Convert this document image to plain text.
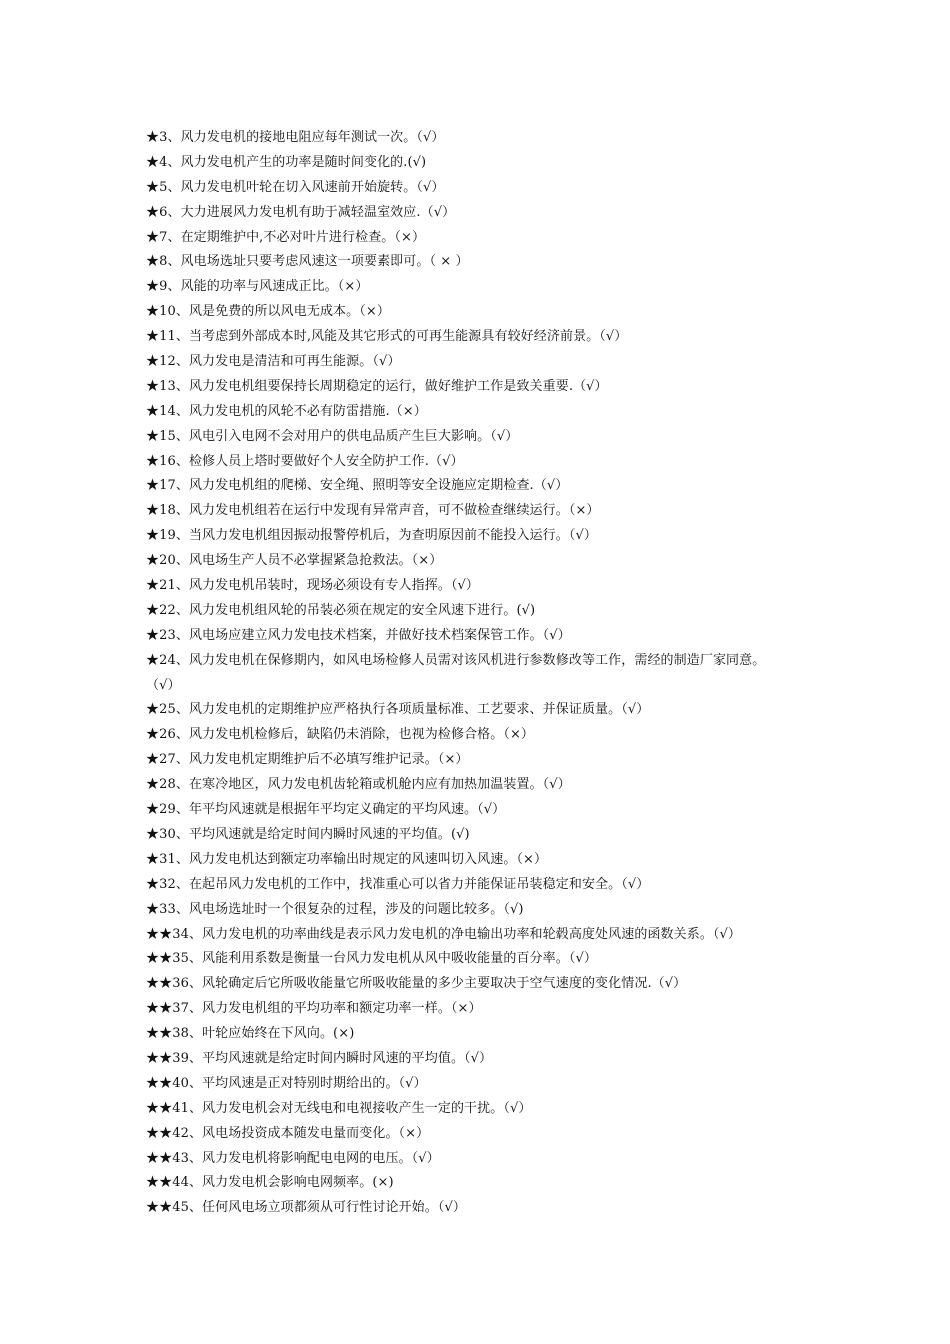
★3、风力发电机的接地电阻应每年测试一次。（√）
★4、风力发电机产生的功率是随时间变化的.(√)
★5、风力发电机叶轮在切入风速前开始旋转。（√）
★6、大力进展风力发电机有助于减轻温室效应.（√）
★7、在定期维护中,不必对叶片进行检查。（×）
★8、风电场选址只要考虑风速这一项要素即可。（ × ）
★9、风能的功率与风速成正比。（×）
★10、风是免费的所以风电无成本。（×）
★11、当考虑到外部成本时,风能及其它形式的可再生能源具有较好经济前景。（√）
★12、风力发电是清洁和可再生能源。（√）
★13、风力发电机组要保持长周期稳定的运行，做好维护工作是致关重要.（√）
★14、风力发电机的风轮不必有防雷措施.（×）
★15、风电引入电网不会对用户的供电品质产生巨大影响。（√）
★16、检修人员上塔时要做好个人安全防护工作.（√）
★17、风力发电机组的爬梯、安全绳、照明等安全设施应定期检查.（√）
★18、风力发电机组若在运行中发现有异常声音，可不做检查继续运行。（×）
★19、当风力发电机组因振动报警停机后，为查明原因前不能投入运行。（√）
★20、风电场生产人员不必掌握紧急抢救法。（×）
★21、风力发电机吊装时，现场必须设有专人指挥。（√）
★22、风力发电机组风轮的吊装必须在规定的安全风速下进行。(√)
★23、风电场应建立风力发电技术档案，并做好技术档案保管工作。（√）
★24、风力发电机在保修期内，如风电场检修人员需对该风机进行参数修改等工作，需经的制造厂家同意。
（√）
★25、风力发电机的定期维护应严格执行各项质量标准、工艺要求、并保证质量。（√）
★26、风力发电机检修后，缺陷仍未消除，也视为检修合格。（×）
★27、风力发电机定期维护后不必填写维护记录。（×）
★28、在寒冷地区，风力发电机齿轮箱或机舱内应有加热加温装置。（√）
★29、年平均风速就是根据年平均定义确定的平均风速。（√）
★30、平均风速就是给定时间内瞬时风速的平均值。(√)
★31、风力发电机达到额定功率输出时规定的风速叫切入风速。（×）
★32、在起吊风力发电机的工作中，找准重心可以省力并能保证吊装稳定和安全。（√）
★33、风电场选址时一个很复杂的过程，涉及的问题比较多。（√)
★★34、风力发电机的功率曲线是表示风力发电机的净电输出功率和轮毂高度处风速的函数关系。（√）
★★35、风能利用系数是衡量一台风力发电机从风中吸收能量的百分率。（√）
★★36、风轮确定后它所吸收能量它所吸收能量的多少主要取决于空气速度的变化情况.（√）
★★37、风力发电机组的平均功率和额定功率一样。（×）
★★38、叶轮应始终在下风向。(×)
★★39、平均风速就是给定时间内瞬时风速的平均值。（√）
★★40、平均风速是正对特别时期给出的。（√）
★★41、风力发电机会对无线电和电视接收产生一定的干扰。（√）
★★42、风电场投资成本随发电量而变化。（×）
★★43、风力发电机将影响配电电网的电压。（√）
★★44、风力发电机会影响电网频率。(×)
★★45、任何风电场立项都须从可行性讨论开始。（√）
